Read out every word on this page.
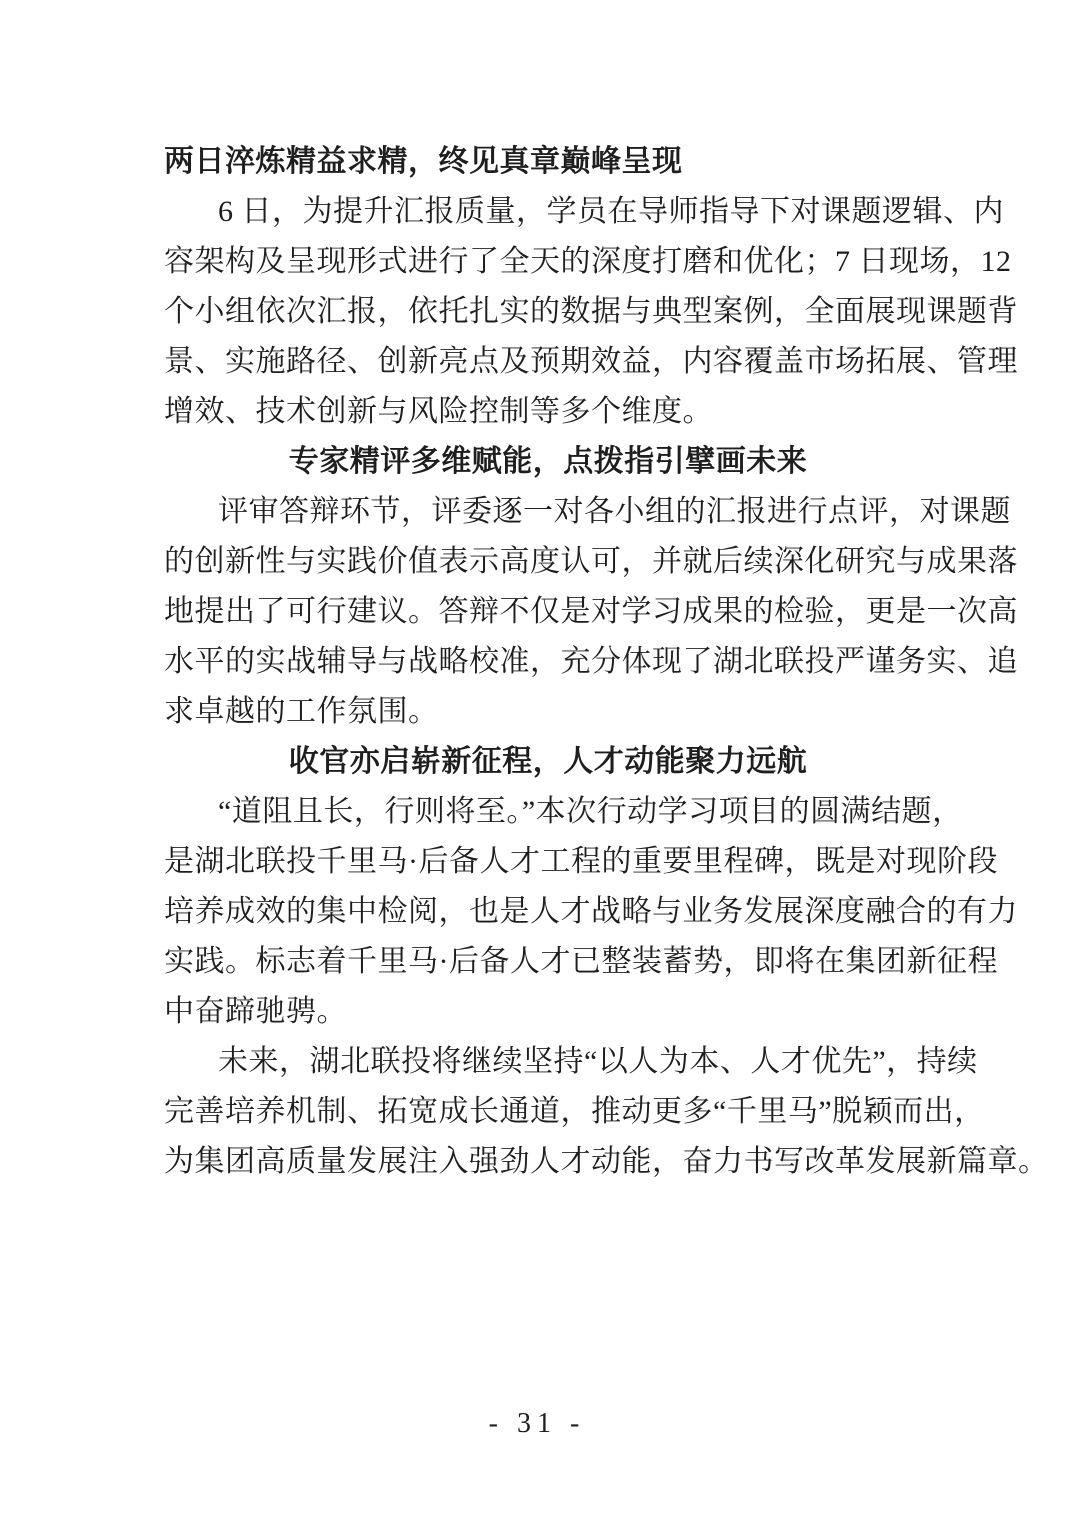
两日淬炼精益求精，终见真章巅峰呈现
6 日，为提升汇报质量，学员在导师指导下对课题逻辑、内
容架构及呈现形式进行了全天的深度打磨和优化；7 日现场，12
个小组依次汇报，依托扎实的数据与典型案例，全面展现课题背
景、实施路径、创新亮点及预期效益，内容覆盖市场拓展、管理
增效、技术创新与风险控制等多个维度。
专家精评多维赋能，点拨指引擘画未来
评审答辩环节，评委逐一对各小组的汇报进行点评，对课题
的创新性与实践价值表示高度认可，并就后续深化研究与成果落
地提出了可行建议。答辩不仅是对学习成果的检验，更是一次高
水平的实战辅导与战略校准，充分体现了湖北联投严谨务实、追
求卓越的工作氛围。
收官亦启崭新征程，人才动能聚力远航
“道阻且长，行则将至。”本次行动学习项目的圆满结题，
是湖北联投千里马·后备人才工程的重要里程碑，既是对现阶段
培养成效的集中检阅，也是人才战略与业务发展深度融合的有力
实践。标志着千里马·后备人才已整装蓄势，即将在集团新征程
中奋蹄驰骋。
未来，湖北联投将继续坚持“以人为本、人才优先”，持续
完善培养机制、拓宽成长通道，推动更多“千里马”脱颖而出，
为集团高质量发展注入强劲人才动能，奋力书写改革发展新篇章。
- 31 -
